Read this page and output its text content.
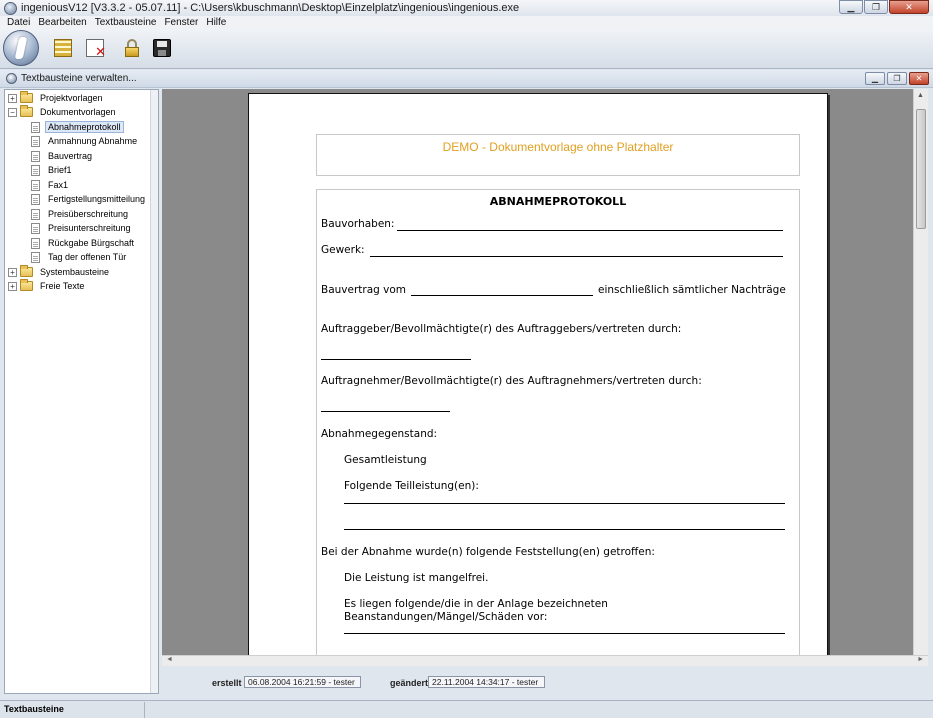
ingeniousV12 [V3.3.2 - 05.07.11] - C:\Users\kbuschmann\Desktop\Einzelplatz\ingenious\ingenious.exe	▁	❐	✕
Datei Bearbeiten Textbausteine Fenster Hilfe
✕
Textbausteine verwalten...	▁	❐	✕
+	Projektvorlagen
−	Dokumentvorlagen
Abnahmeprotokoll
Anmahnung Abnahme
Bauvertrag
Brief1
Fax1
Fertigstellungsmitteilung
Preisüberschreitung
Preisunterschreitung
Rückgabe Bürgschaft
Tag der offenen Tür
+	Systembausteine
+	Freie Texte
DEMO - Dokumentvorlage ohne Platzhalter
ABNAHMEPROTOKOLL
Bauvorhaben:
Gewerk:
Bauvertrag vom	einschließlich sämtlicher Nachträge
Auftraggeber/Bevollmächtigte(r) des Auftraggebers/vertreten durch:
Auftragnehmer/Bevollmächtigte(r) des Auftragnehmers/vertreten durch:
Abnahmegegenstand:
Gesamtleistung
Folgende Teilleistung(en):
Bei der Abnahme wurde(n) folgende Feststellung(en) getroffen:
Die Leistung ist mangelfrei.
Es liegen folgende/die in der Anlage bezeichneten
Beanstandungen/Mängel/Schäden vor:
▲
◄	►
erstellt 06.08.2004 16:21:59 - tester	geändert 22.11.2004 14:34:17 - tester
Textbausteine
